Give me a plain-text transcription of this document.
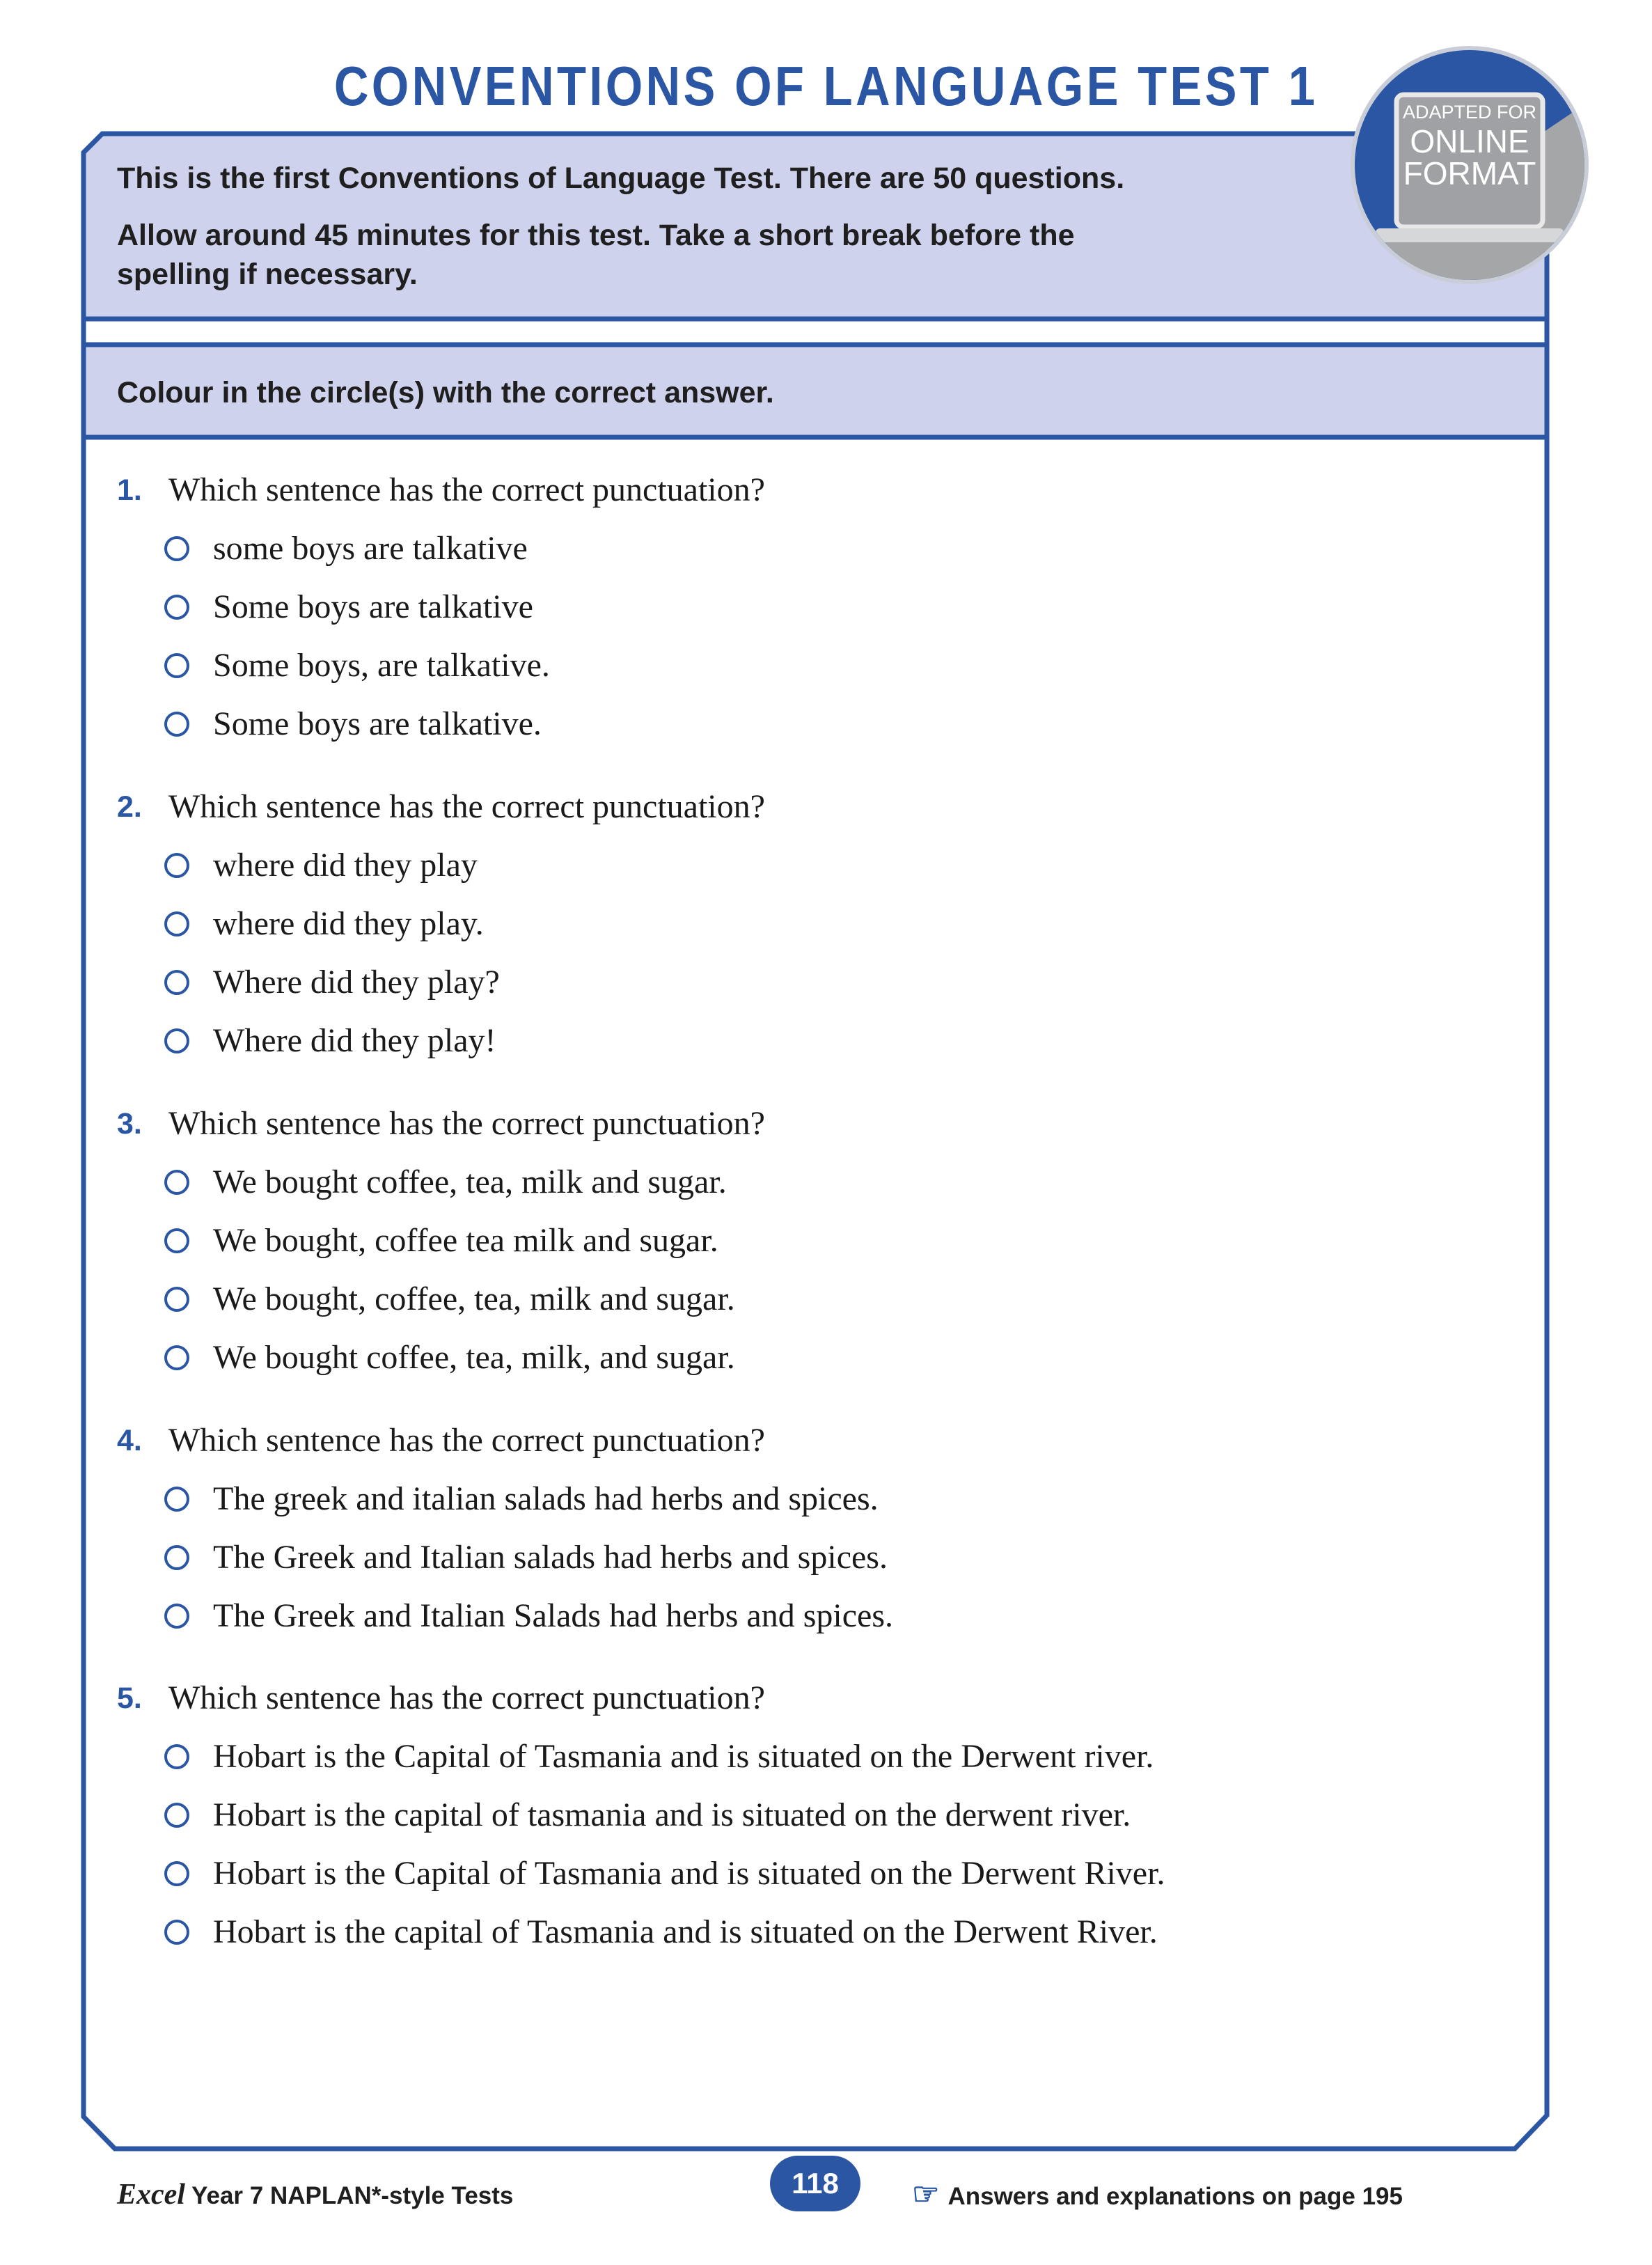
CONVENTIONS OF LANGUAGE TEST 1	ADAPTED FOR
ONLINE
FORMAT

This is the first Conventions of Language Test. There are 50 questions.

Allow around 45 minutes for this test. Take a short break before the

spelling if necessary.

Colour in the circle(s) with the correct answer.
1. Which sentence has the correct punctuation?
some boys are talkative
Some boys are talkative
Some boys, are talkative.
Some boys are talkative.
2. Which sentence has the correct punctuation?
where did they play
where did they play.
Where did they play?
Where did they play!
3. Which sentence has the correct punctuation?
We bought coffee, tea, milk and sugar.
We bought, coffee tea milk and sugar.
We bought, coffee, tea, milk and sugar.
We bought coffee, tea, milk, and sugar.
4. Which sentence has the correct punctuation?
The greek and italian salads had herbs and spices.
The Greek and Italian salads had herbs and spices.
The Greek and Italian Salads had herbs and spices.
5. Which sentence has the correct punctuation?
Hobart is the Capital of Tasmania and is situated on the Derwent river.
Hobart is the capital of tasmania and is situated on the derwent river.
Hobart is the Capital of Tasmania and is situated on the Derwent River.
Hobart is the capital of Tasmania and is situated on the Derwent River.
Excel Year 7 NAPLAN*-style Tests	118	☞ Answers and explanations on page 195
